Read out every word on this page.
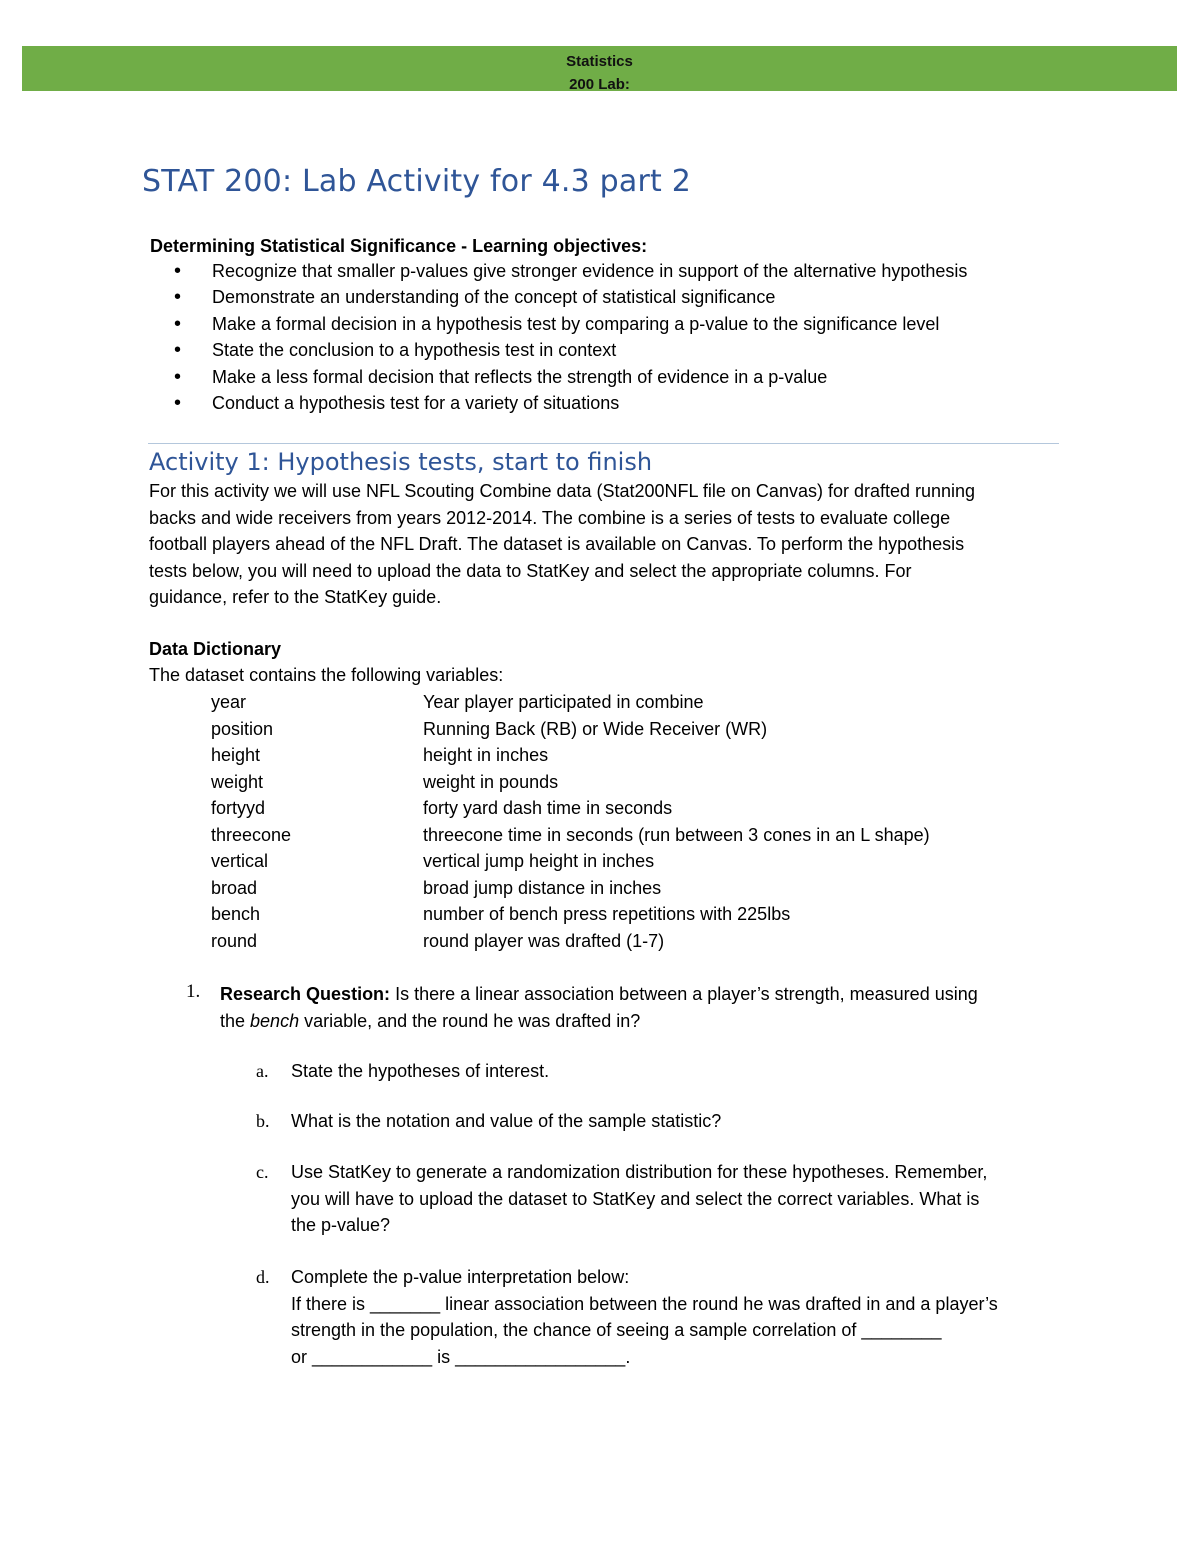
Statistics
200 Lab:
STAT 200: Lab Activity for 4.3 part 2
Determining Statistical Significance - Learning objectives:
• Recognize that smaller p-values give stronger evidence in support of the alternative hypothesis
• Demonstrate an understanding of the concept of statistical significance
• Make a formal decision in a hypothesis test by comparing a p-value to the significance level
• State the conclusion to a hypothesis test in context
• Make a less formal decision that reflects the strength of evidence in a p-value
• Conduct a hypothesis test for a variety of situations
Activity 1: Hypothesis tests, start to finish
For this activity we will use NFL Scouting Combine data (Stat200NFL file on Canvas) for drafted running
backs and wide receivers from years 2012-2014. The combine is a series of tests to evaluate college
football players ahead of the NFL Draft. The dataset is available on Canvas. To perform the hypothesis
tests below, you will need to upload the data to StatKey and select the appropriate columns. For
guidance, refer to the StatKey guide.
Data Dictionary
The dataset contains the following variables:
year	Year player participated in combine
position	Running Back (RB) or Wide Receiver (WR)
height	height in inches
weight	weight in pounds
fortyyd	forty yard dash time in seconds
threecone	threecone time in seconds (run between 3 cones in an L shape)
vertical	vertical jump height in inches
broad	broad jump distance in inches
bench	number of bench press repetitions with 225lbs
round	round player was drafted (1-7)
1. Research Question: Is there a linear association between a player’s strength, measured using
the bench variable, and the round he was drafted in?
a. State the hypotheses of interest.
b. What is the notation and value of the sample statistic?
c. Use StatKey to generate a randomization distribution for these hypotheses. Remember,
you will have to upload the dataset to StatKey and select the correct variables. What is
the p-value?
d. Complete the p-value interpretation below:
If there is _______ linear association between the round he was drafted in and a player’s
strength in the population, the chance of seeing a sample correlation of ________
or ____________ is _________________.
